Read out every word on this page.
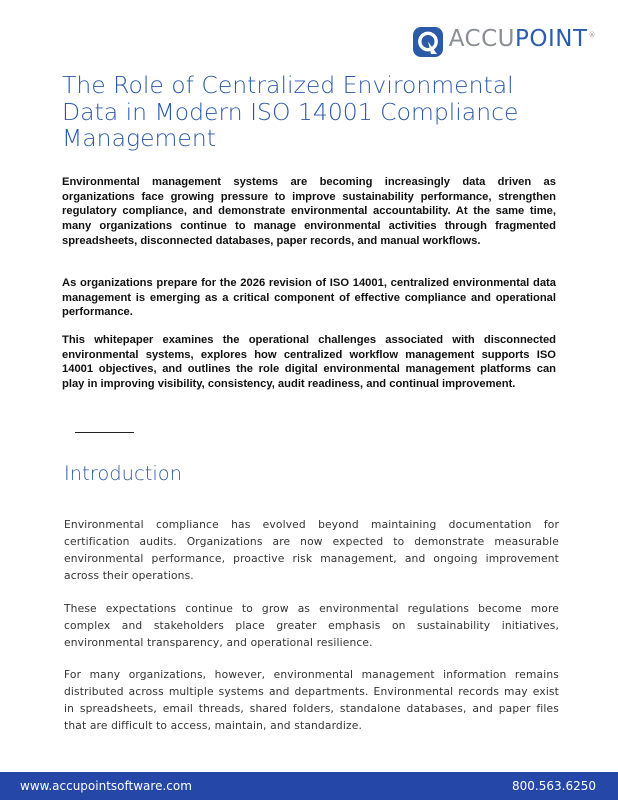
ACCUPOINT®
The Role of Centralized Environmental Data in Modern ISO 14001 Compliance Management

Environmental management systems are becoming increasingly data driven as organizations face growing pressure to improve sustainability performance, strengthen regulatory compliance, and demonstrate environmental accountability. At the same time, many organizations continue to manage environmental activities through fragmented spreadsheets, disconnected databases, paper records, and manual workflows.

As organizations prepare for the 2026 revision of ISO 14001, centralized environmental data management is emerging as a critical component of effective compliance and operational performance.

This whitepaper examines the operational challenges associated with disconnected environmental systems, explores how centralized workflow management supports ISO 14001 objectives, and outlines the role digital environmental management platforms can play in improving visibility, consistency, audit readiness, and continual improvement.

Introduction

Environmental compliance has evolved beyond maintaining documentation for certification audits. Organizations are now expected to demonstrate measurable environmental performance, proactive risk management, and ongoing improvement across their operations.

These expectations continue to grow as environmental regulations become more complex and stakeholders place greater emphasis on sustainability initiatives, environmental transparency, and operational resilience.

For many organizations, however, environmental management information remains distributed across multiple systems and departments. Environmental records may exist in spreadsheets, email threads, shared folders, standalone databases, and paper files that are difficult to access, maintain, and standardize.

www.accupointsoftware.com	800.563.6250
